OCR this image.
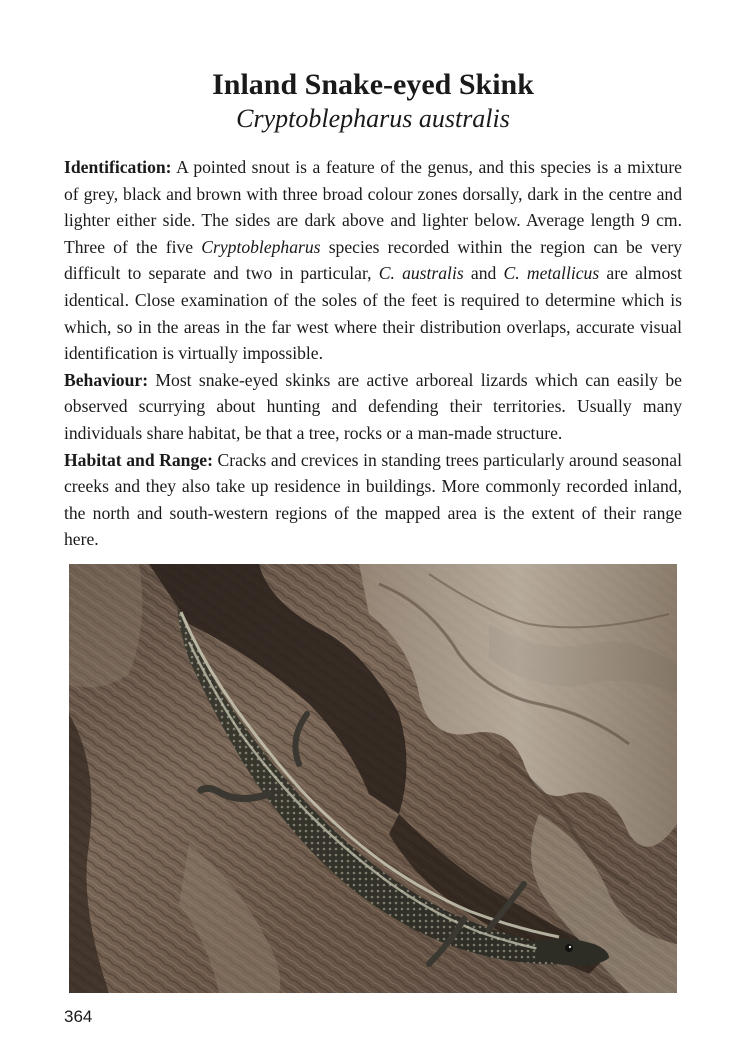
Inland Snake-eyed Skink
Cryptoblepharus australis

Identification: A pointed snout is a feature of the genus, and this species is a mixture of grey, black and brown with three broad colour zones dorsally, dark in the centre and lighter either side. The sides are dark above and lighter below. Average length 9 cm. Three of the five Cryptoblepharus species recorded within the region can be very difficult to separate and two in particular, C. australis and C. metallicus are almost identical. Close examination of the soles of the feet is required to determine which is which, so in the areas in the far west where their distribution overlaps, accurate visual identification is virtually impossible.

Behaviour: Most snake-eyed skinks are active arboreal lizards which can easily be observed scurrying about hunting and defending their territories. Usually many individuals share habitat, be that a tree, rocks or a man-made structure.

Habitat and Range: Cracks and crevices in standing trees particularly around seasonal creeks and they also take up residence in buildings. More commonly recorded inland, the north and south-western regions of the mapped area is the extent of their range here.

364
